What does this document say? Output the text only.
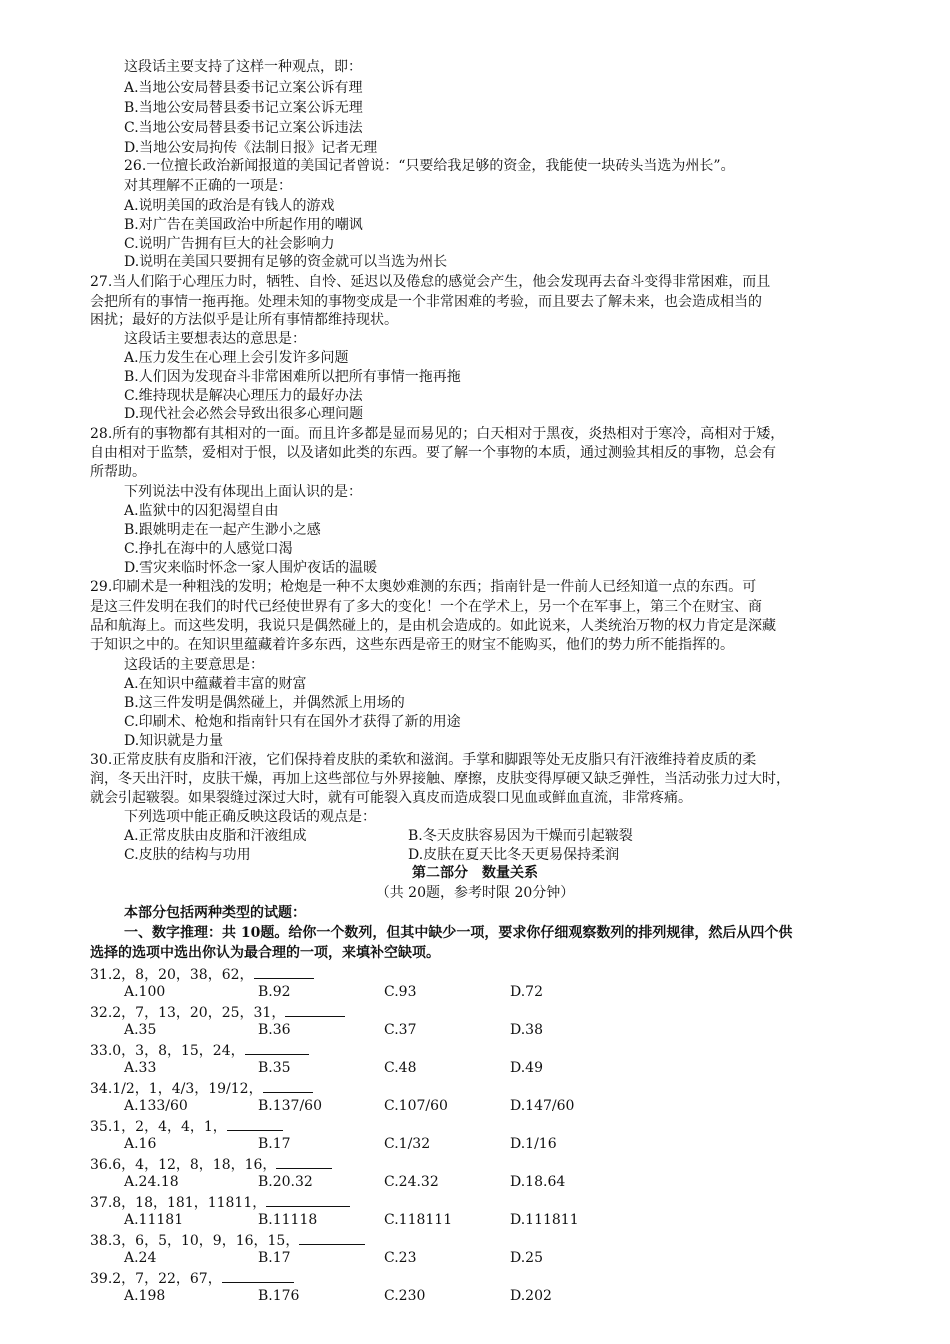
这段话主要支持了这样一种观点，即：
A.当地公安局替县委书记立案公诉有理
B.当地公安局替县委书记立案公诉无理
C.当地公安局替县委书记立案公诉违法
D.当地公安局拘传《法制日报》记者无理
26.一位擅长政治新闻报道的美国记者曾说：“只要给我足够的资金，我能使一块砖头当选为州长”。
对其理解不正确的一项是：
A.说明美国的政治是有钱人的游戏
B.对广告在美国政治中所起作用的嘲讽
C.说明广告拥有巨大的社会影响力
D.说明在美国只要拥有足够的资金就可以当选为州长
27.当人们陷于心理压力时，牺牲、自怜、延迟以及倦怠的感觉会产生，他会发现再去奋斗变得非常困难，而且
会把所有的事情一拖再拖。处理未知的事物变成是一个非常困难的考验，而且要去了解未来，也会造成相当的
困扰；最好的方法似乎是让所有事情都维持现状。
这段话主要想表达的意思是：
A.压力发生在心理上会引发许多问题
B.人们因为发现奋斗非常困难所以把所有事情一拖再拖
C.维持现状是解决心理压力的最好办法
D.现代社会必然会导致出很多心理问题
28.所有的事物都有其相对的一面。而且许多都是显而易见的；白天相对于黑夜，炎热相对于寒冷，高相对于矮，
自由相对于监禁，爱相对于恨，以及诸如此类的东西。要了解一个事物的本质，通过测验其相反的事物，总会有
所帮助。
下列说法中没有体现出上面认识的是：
A.监狱中的囚犯渴望自由
B.跟姚明走在一起产生渺小之感
C.挣扎在海中的人感觉口渴
D.雪灾来临时怀念一家人围炉夜话的温暖
29.印刷术是一种粗浅的发明；枪炮是一种不太奥妙难测的东西；指南针是一件前人已经知道一点的东西。可
是这三件发明在我们的时代已经使世界有了多大的变化！一个在学术上，另一个在军事上，第三个在财宝、商
品和航海上。而这些发明，我说只是偶然碰上的，是由机会造成的。如此说来，人类统治万物的权力肯定是深藏
于知识之中的。在知识里蕴藏着许多东西，这些东西是帝王的财宝不能购买，他们的势力所不能指挥的。
这段话的主要意思是：
A.在知识中蕴藏着丰富的财富
B.这三件发明是偶然碰上，并偶然派上用场的
C.印刷术、枪炮和指南针只有在国外才获得了新的用途
D.知识就是力量
30.正常皮肤有皮脂和汗液，它们保持着皮肤的柔软和滋润。手掌和脚跟等处无皮脂只有汗液维持着皮质的柔
润，冬天出汗时，皮肤干燥，再加上这些部位与外界接触、摩擦，皮肤变得厚硬又缺乏弹性，当活动张力过大时，
就会引起皲裂。如果裂缝过深过大时，就有可能裂入真皮而造成裂口见血或鲜血直流，非常疼痛。
下列选项中能正确反映这段话的观点是：
A.正常皮肤由皮脂和汗液组成	B.冬天皮肤容易因为干燥而引起皲裂
C.皮肤的结构与功用	D.皮肤在夏天比冬天更易保持柔润
第二部分　数量关系
（共 20题，参考时限 20分钟）
本部分包括两种类型的试题：
一、数字推理：共 10题。给你一个数列，但其中缺少一项，要求你仔细观察数列的排列规律，然后从四个供
选择的选项中选出你认为最合理的一项，来填补空缺项。
31.2，8，20，38，62，
A.100	B.92	C.93	D.72
32.2，7，13，20，25，31，
A.35	B.36	C.37	D.38
33.0，3，8，15，24，
A.33	B.35	C.48	D.49
34.1/2，1，4/3，19/12，
A.133/60	B.137/60	C.107/60	D.147/60
35.1，2，4，4，1，
A.16	B.17	C.1/32	D.1/16
36.6，4，12，8，18，16，
A.24.18	B.20.32	C.24.32	D.18.64
37.8，18，181，11811，
A.11181	B.11118	C.118111	D.111811
38.3，6，5，10，9，16，15，
A.24	B.17	C.23	D.25
39.2，7，22，67，
A.198	B.176	C.230	D.202
